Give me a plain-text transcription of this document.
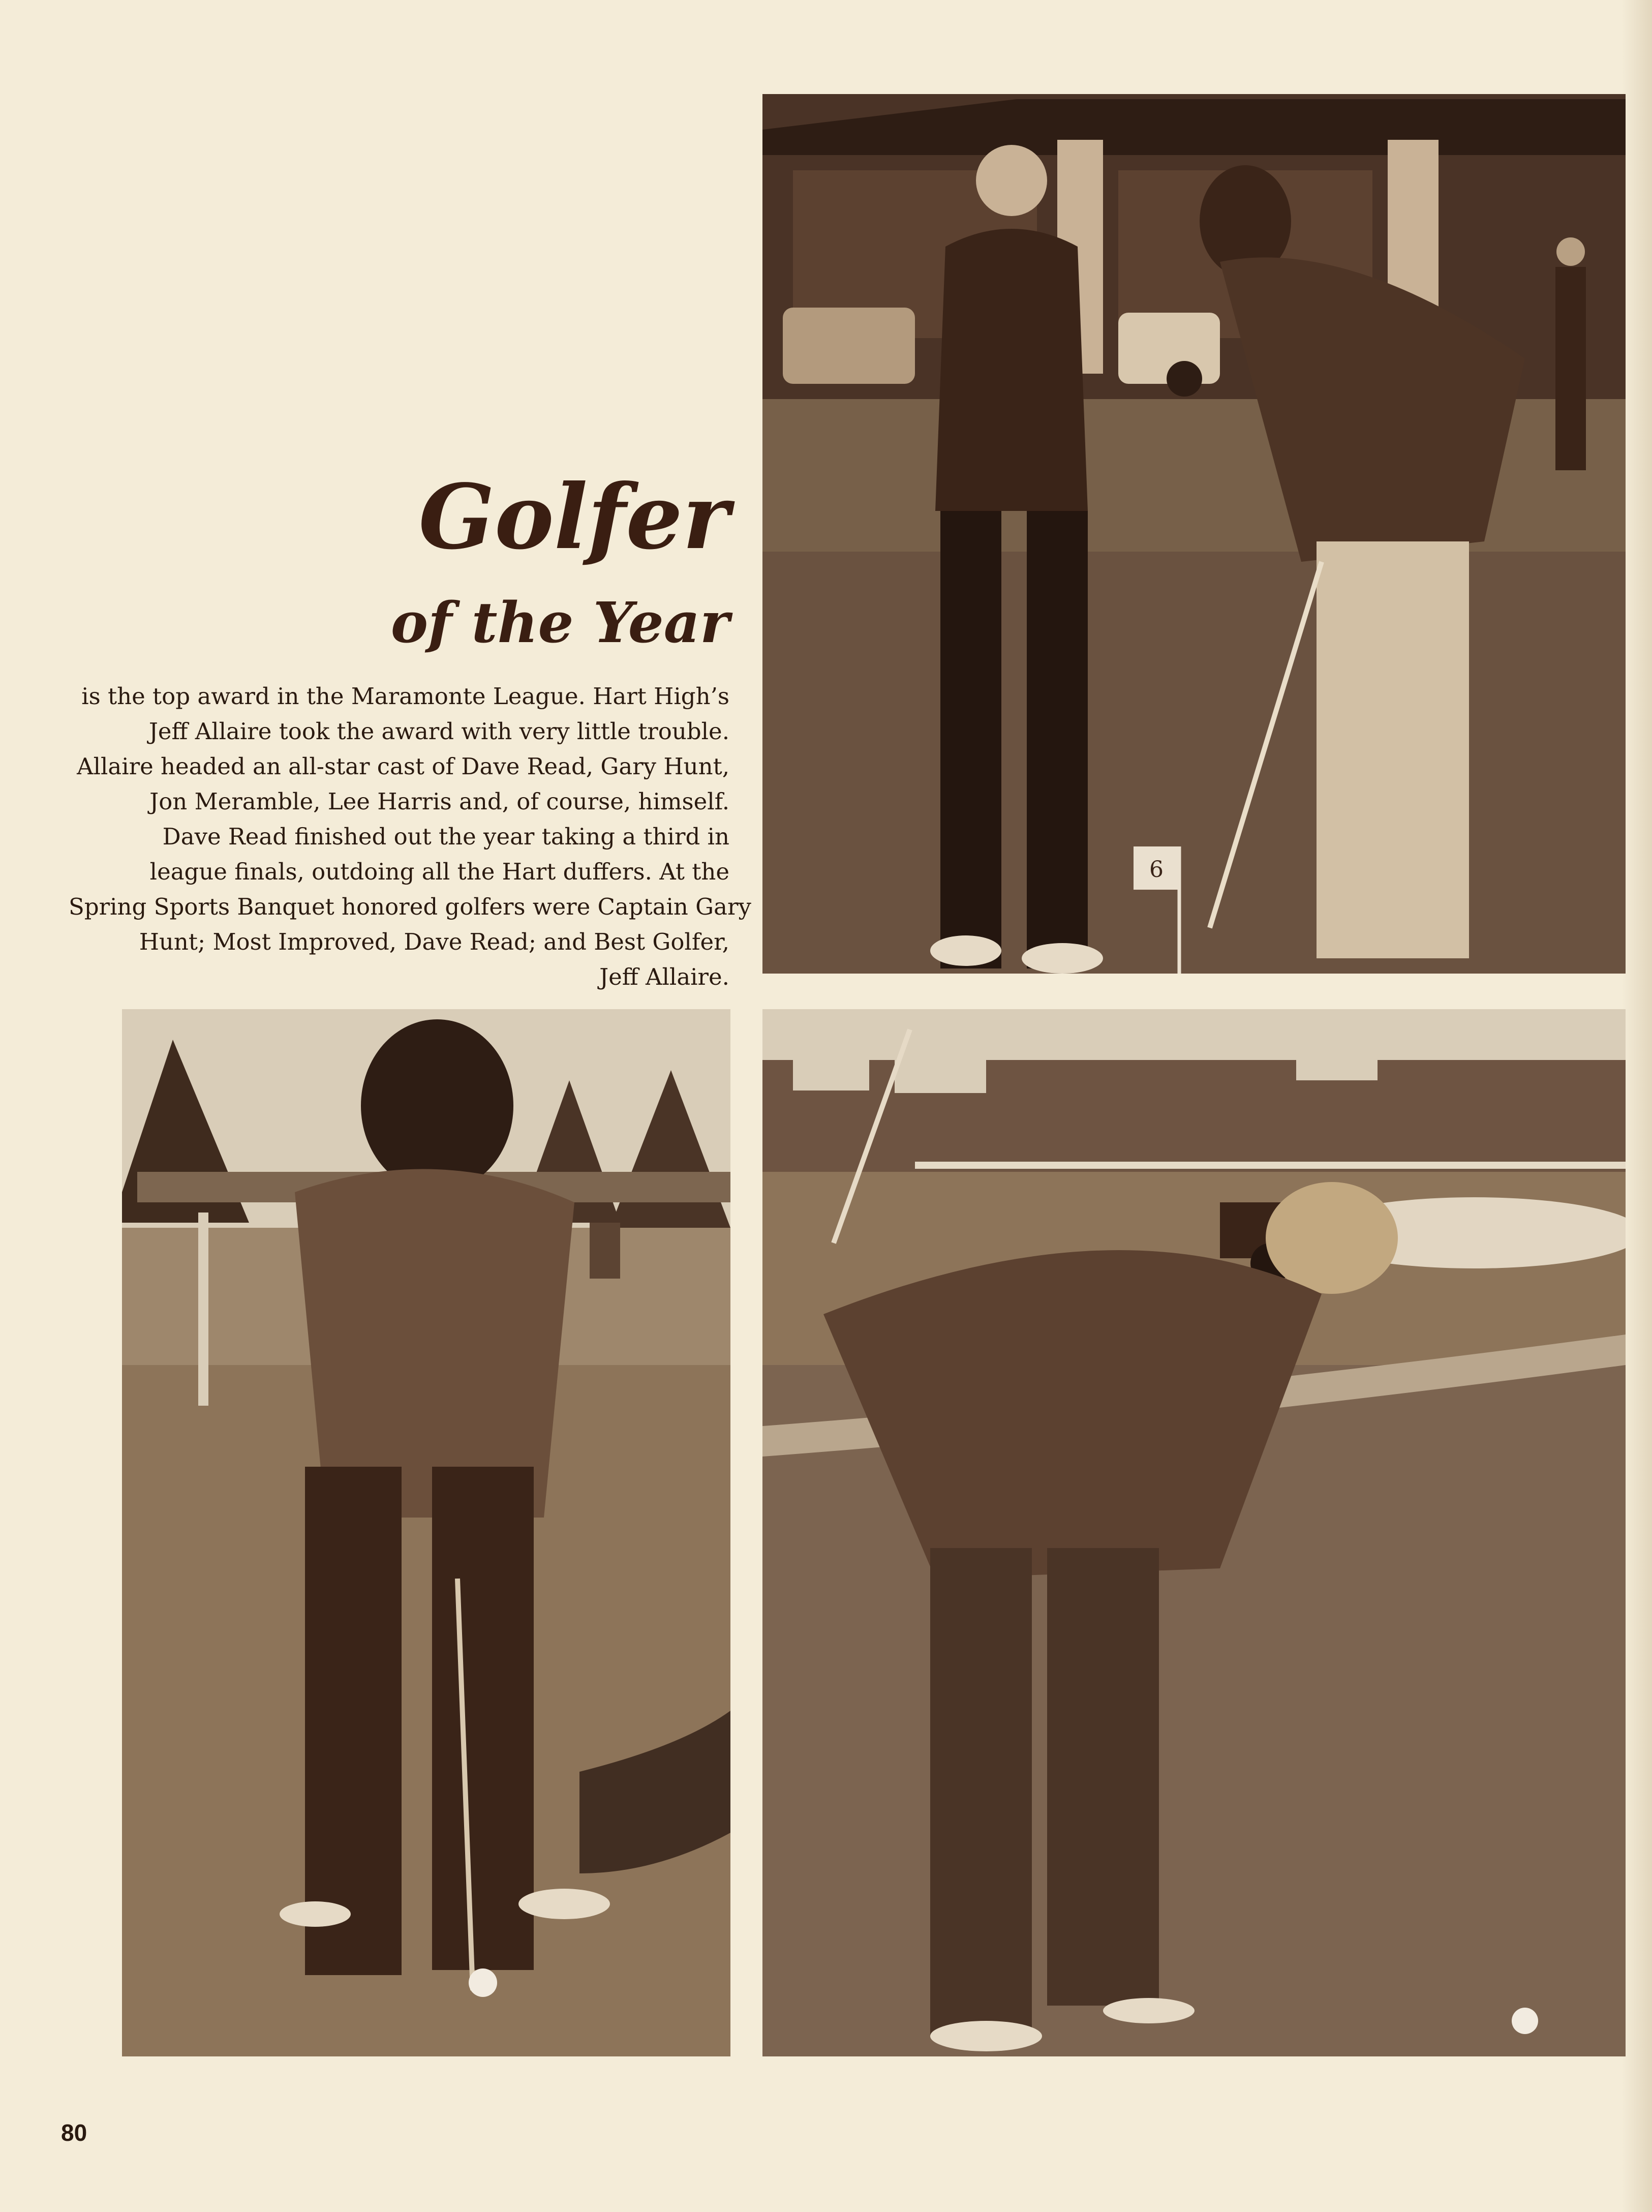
6
Golfer
of the Year

is the top award in the Maramonte League. Hart High’s
Jeff Allaire took the award with very little trouble.
Allaire headed an all-star cast of Dave Read, Gary Hunt,
Jon Meramble, Lee Harris and, of course, himself.
Dave Read finished out the year taking a third in
league finals, outdoing all the Hart duffers. At the
Spring Sports Banquet honored golfers were Captain Gary
Hunt; Most Improved, Dave Read; and Best Golfer,
Jeff Allaire.

80
